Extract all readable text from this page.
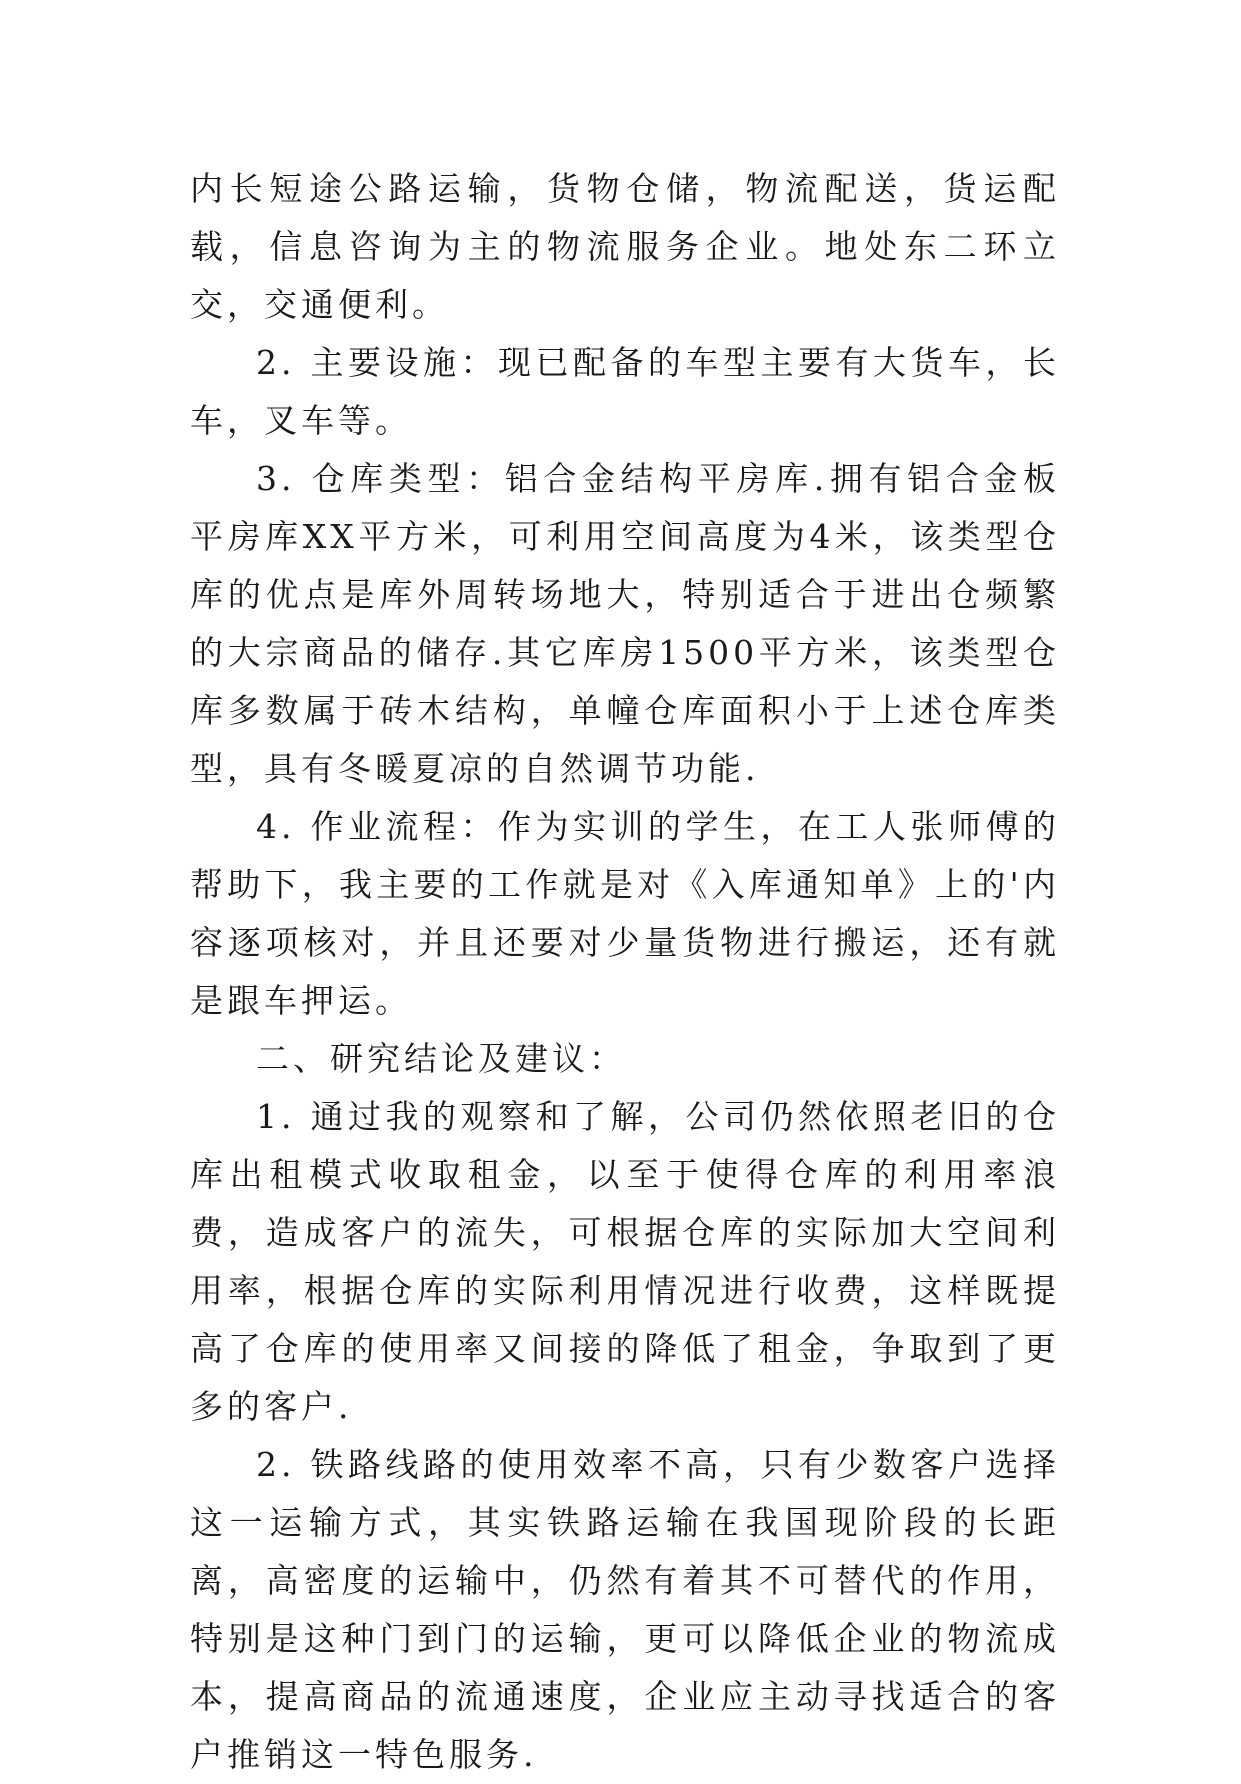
内长短途公路运输，货物仓储，物流配送，货运配载，信息咨询为主的物流服务企业。地处东二环立交，交通便利。

2. 主要设施：现已配备的车型主要有大货车，长车，叉车等。

3. 仓库类型：铝合金结构平房库.拥有铝合金板平房库XX平方米，可利用空间高度为4米，该类型仓库的优点是库外周转场地大，特别适合于进出仓频繁的大宗商品的储存.其它库房1500平方米，该类型仓库多数属于砖木结构，单幢仓库面积小于上述仓库类型，具有冬暖夏凉的自然调节功能.

4. 作业流程：作为实训的学生，在工人张师傅的帮助下，我主要的工作就是对《入库通知单》上的'内容逐项核对，并且还要对少量货物进行搬运，还有就是跟车押运。

二、研究结论及建议：

1. 通过我的观察和了解，公司仍然依照老旧的仓库出租模式收取租金，以至于使得仓库的利用率浪费，造成客户的流失，可根据仓库的实际加大空间利用率，根据仓库的实际利用情况进行收费，这样既提高了仓库的使用率又间接的降低了租金，争取到了更多的客户.

2. 铁路线路的使用效率不高，只有少数客户选择这一运输方式，其实铁路运输在我国现阶段的长距离，高密度的运输中，仍然有着其不可替代的作用，特别是这种门到门的运输，更可以降低企业的物流成本，提高商品的流通速度，企业应主动寻找适合的客户推销这一特色服务.
